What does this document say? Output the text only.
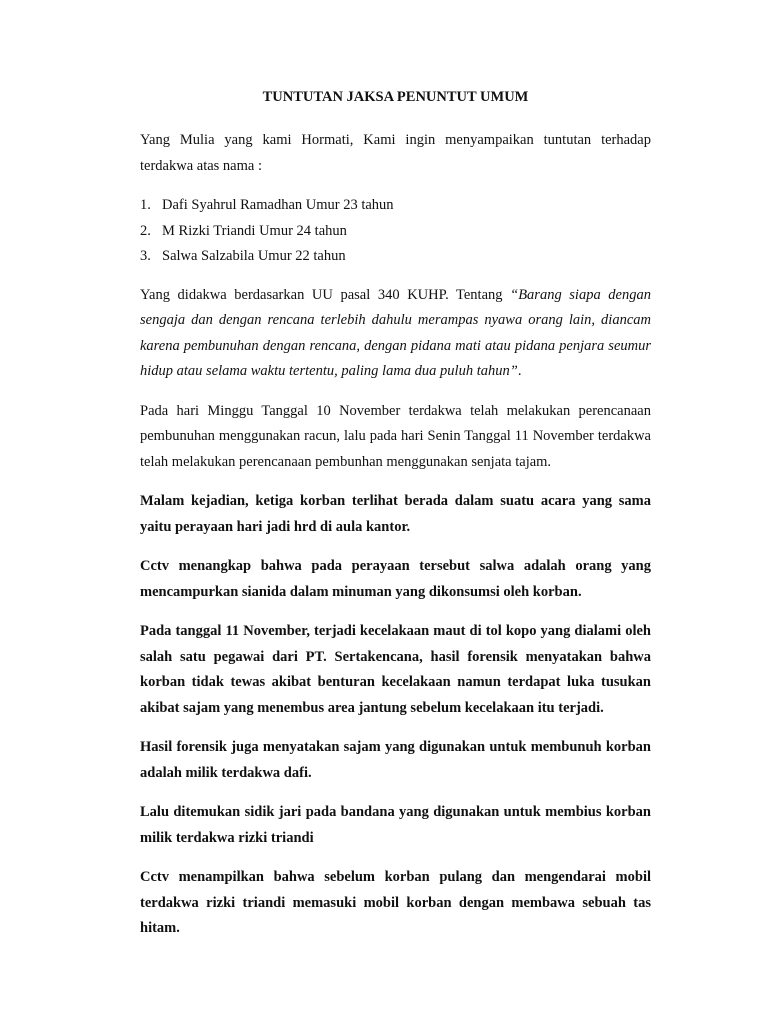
TUNTUTAN JAKSA PENUNTUT UMUM

Yang Mulia yang kami Hormati, Kami ingin menyampaikan tuntutan terhadap terdakwa atas nama :

1. Dafi Syahrul Ramadhan Umur 23 tahun
2. M Rizki Triandi Umur 24 tahun
3. Salwa Salzabila Umur 22 tahun

Yang didakwa berdasarkan UU pasal 340 KUHP. Tentang “Barang siapa dengan sengaja dan dengan rencana terlebih dahulu merampas nyawa orang lain, diancam karena pembunuhan dengan rencana, dengan pidana mati atau pidana penjara seumur hidup atau selama waktu tertentu, paling lama dua puluh tahun”.

Pada hari Minggu Tanggal 10 November terdakwa telah melakukan perencanaan pembunuhan menggunakan racun, lalu pada hari Senin Tanggal 11 November terdakwa telah melakukan perencanaan pembunhan menggunakan senjata tajam.

Malam kejadian, ketiga korban terlihat berada dalam suatu acara yang sama yaitu perayaan hari jadi hrd di aula kantor.

Cctv menangkap bahwa pada perayaan tersebut salwa adalah orang yang mencampurkan sianida dalam minuman yang dikonsumsi oleh korban.

Pada tanggal 11 November, terjadi kecelakaan maut di tol kopo yang dialami oleh salah satu pegawai dari PT. Sertakencana, hasil forensik menyatakan bahwa korban tidak tewas akibat benturan kecelakaan namun terdapat luka tusukan akibat sajam yang menembus area jantung sebelum kecelakaan itu terjadi.

Hasil forensik juga menyatakan sajam yang digunakan untuk membunuh korban adalah milik terdakwa dafi.

Lalu ditemukan sidik jari pada bandana yang digunakan untuk membius korban milik terdakwa rizki triandi

Cctv menampilkan bahwa sebelum korban pulang dan mengendarai mobil terdakwa rizki triandi memasuki mobil korban dengan membawa sebuah tas hitam.
